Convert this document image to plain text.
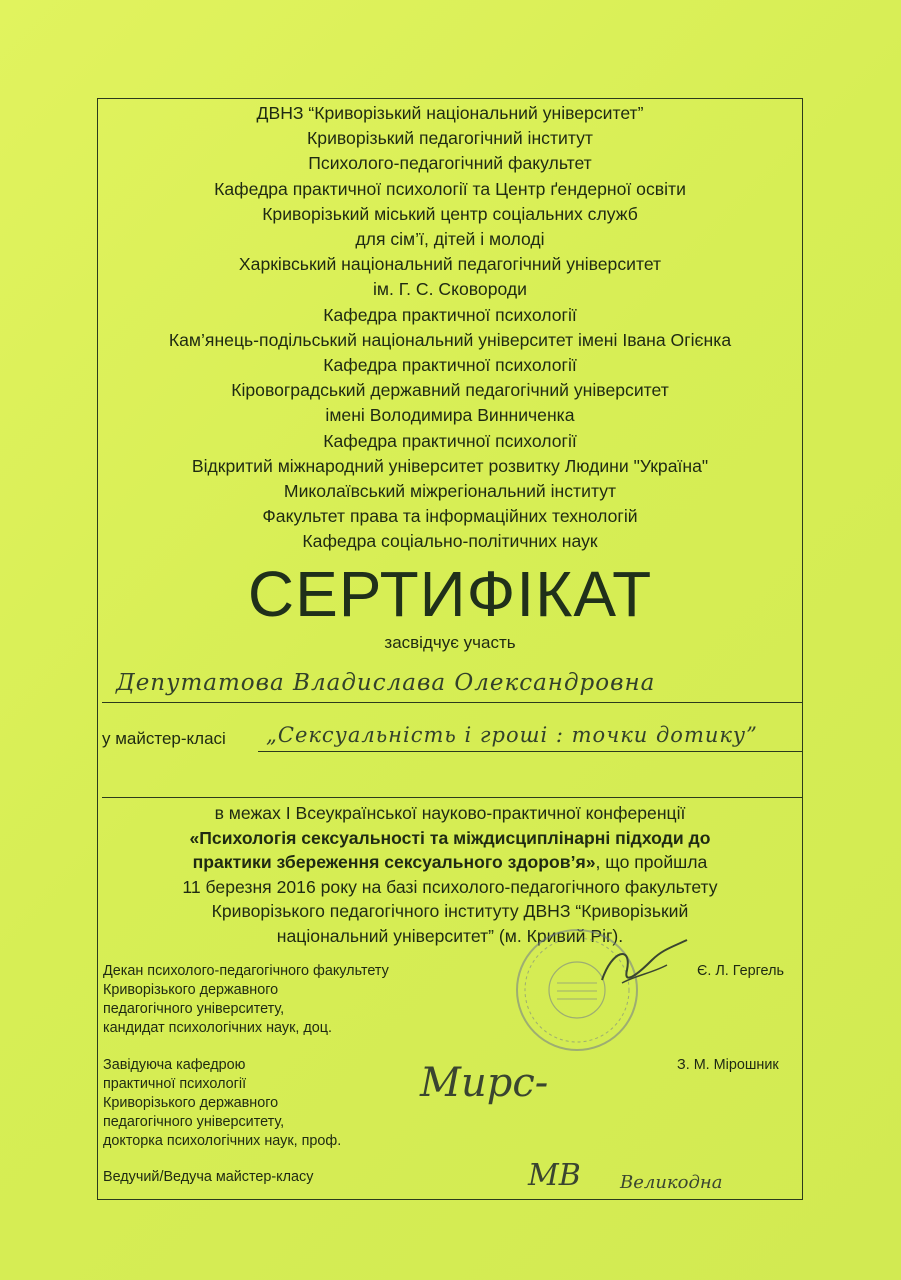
ДВНЗ “Криворізький національний університет”
Криворізький педагогічний інститут
Психолого-педагогічний факультет
Кафедра практичної психології та Центр ґендерної освіти
Криворізький міський центр соціальних служб
для сім’ї, дітей і молоді
Харківський національний педагогічний університет
ім. Г. С. Сковороди
Кафедра практичної психології
Кам’янець-подільський національний університет імені Івана Огієнка
Кафедра практичної психології
Кіровоградський державний педагогічний університет
імені Володимира Винниченка
Кафедра практичної психології
Відкритий міжнародний університет розвитку Людини "Україна"
Миколаївський міжрегіональний інститут
Факультет права та інформаційних технологій
Кафедра соціально-політичних наук
СЕРТИФІКАТ
засвідчує участь
Депутатова Владислава Олександровна
у майстер-класі „Сексуальність і гроші : точки дотику”
в межах І Всеукраїнської науково-практичної конференції
«Психологія сексуальності та міждисциплінарні підходи до
практики збереження сексуального здоров’я», що пройшла
11 березня 2016 року на базі психолого-педагогічного факультету
Криворізького педагогічного інституту ДВНЗ “Криворізький
національний університет” (м. Кривий Ріг).
Декан психолого-педагогічного факультету
Криворізького державного
педагогічного університету,
кандидат психологічних наук, доц.
Є. Л. Гергель
Завідуюча кафедрою
практичної психології
Криворізького державного
педагогічного університету,
докторка психологічних наук, проф.
Мирс-	З. М. Мірошник
Ведучий/Ведуча майстер-класу	МВ Великодна
